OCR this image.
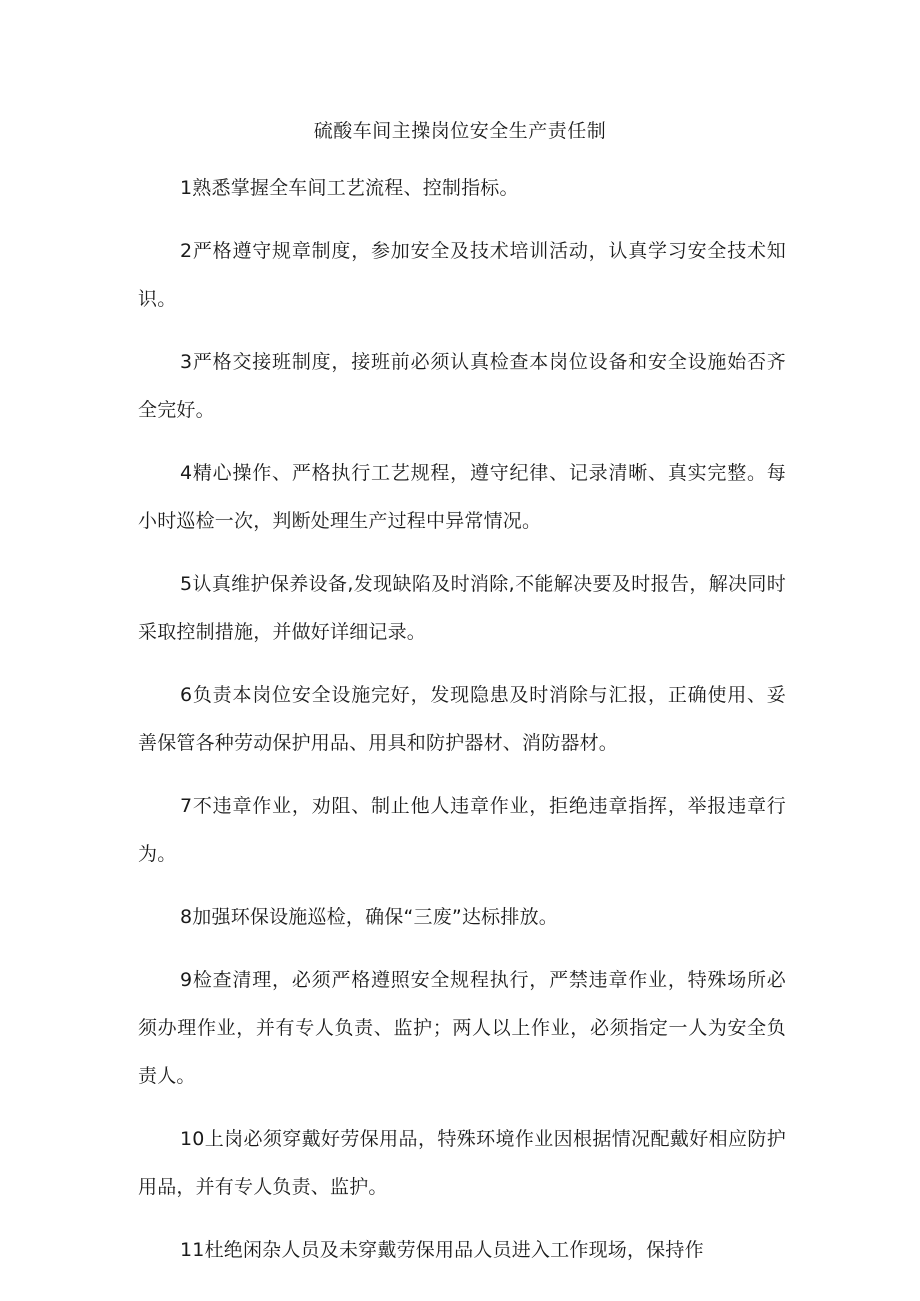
硫酸车间主操岗位安全生产责任制

1熟悉掌握全车间工艺流程、控制指标。

2严格遵守规章制度，参加安全及技术培训活动，认真学习安全技术知识。

3严格交接班制度，接班前必须认真检查本岗位设备和安全设施始否齐全完好。

4精心操作、严格执行工艺规程，遵守纪律、记录清晰、真实完整。每小时巡检一次，判断处理生产过程中异常情况。

5认真维护保养设备,发现缺陷及时消除,不能解决要及时报告，解决同时采取控制措施，并做好详细记录。

6负责本岗位安全设施完好，发现隐患及时消除与汇报，正确使用、妥善保管各种劳动保护用品、用具和防护器材、消防器材。

7不违章作业，劝阻、制止他人违章作业，拒绝违章指挥，举报违章行为。

8加强环保设施巡检，确保“三废”达标排放。

9检查清理，必须严格遵照安全规程执行，严禁违章作业，特殊场所必须办理作业，并有专人负责、监护；两人以上作业，必须指定一人为安全负责人。

10上岗必须穿戴好劳保用品，特殊环境作业因根据情况配戴好相应防护用品，并有专人负责、监护。

11杜绝闲杂人员及未穿戴劳保用品人员进入工作现场，保持作
